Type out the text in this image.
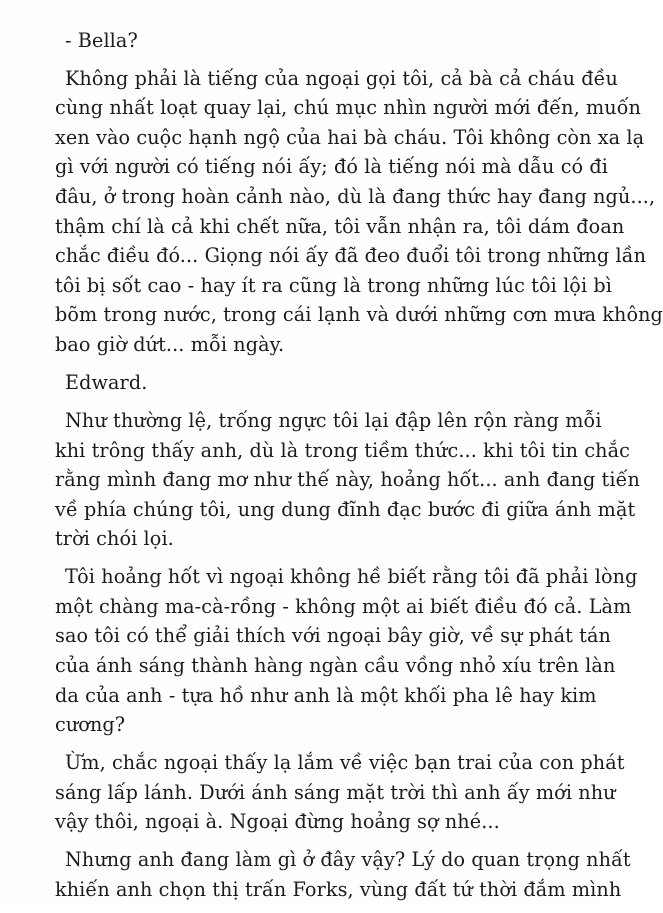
- Bella?

Không phải là tiếng của ngoại gọi tôi, cả bà cả cháu đều
cùng nhất loạt quay lại, chú mục nhìn người mới đến, muốn
xen vào cuộc hạnh ngộ của hai bà cháu. Tôi không còn xa lạ
gì với người có tiếng nói ấy; đó là tiếng nói mà dẫu có đi
đâu, ở trong hoàn cảnh nào, dù là đang thức hay đang ngủ...,
thậm chí là cả khi chết nữa, tôi vẫn nhận ra, tôi dám đoan
chắc điều đó... Giọng nói ấy đã đeo đuổi tôi trong những lần
tôi bị sốt cao - hay ít ra cũng là trong những lúc tôi lội bì
bõm trong nước, trong cái lạnh và dưới những cơn mưa không
bao giờ dứt... mỗi ngày.

Edward.

Như thường lệ, trống ngực tôi lại đập lên rộn ràng mỗi
khi trông thấy anh, dù là trong tiềm thức... khi tôi tin chắc
rằng mình đang mơ như thế này, hoảng hốt... anh đang tiến
về phía chúng tôi, ung dung đĩnh đạc bước đi giữa ánh mặt
trời chói lọi.

Tôi hoảng hốt vì ngoại không hề biết rằng tôi đã phải lòng
một chàng ma-cà-rồng - không một ai biết điều đó cả. Làm
sao tôi có thể giải thích với ngoại bây giờ, về sự phát tán
của ánh sáng thành hàng ngàn cầu vồng nhỏ xíu trên làn
da của anh - tựa hồ như anh là một khối pha lê hay kim
cương?

Ừm, chắc ngoại thấy lạ lắm về việc bạn trai của con phát
sáng lấp lánh. Dưới ánh sáng mặt trời thì anh ấy mới như
vậy thôi, ngoại à. Ngoại đừng hoảng sợ nhé...

Nhưng anh đang làm gì ở đây vậy? Lý do quan trọng nhất
khiến anh chọn thị trấn Forks, vùng đất tứ thời đắm mình
